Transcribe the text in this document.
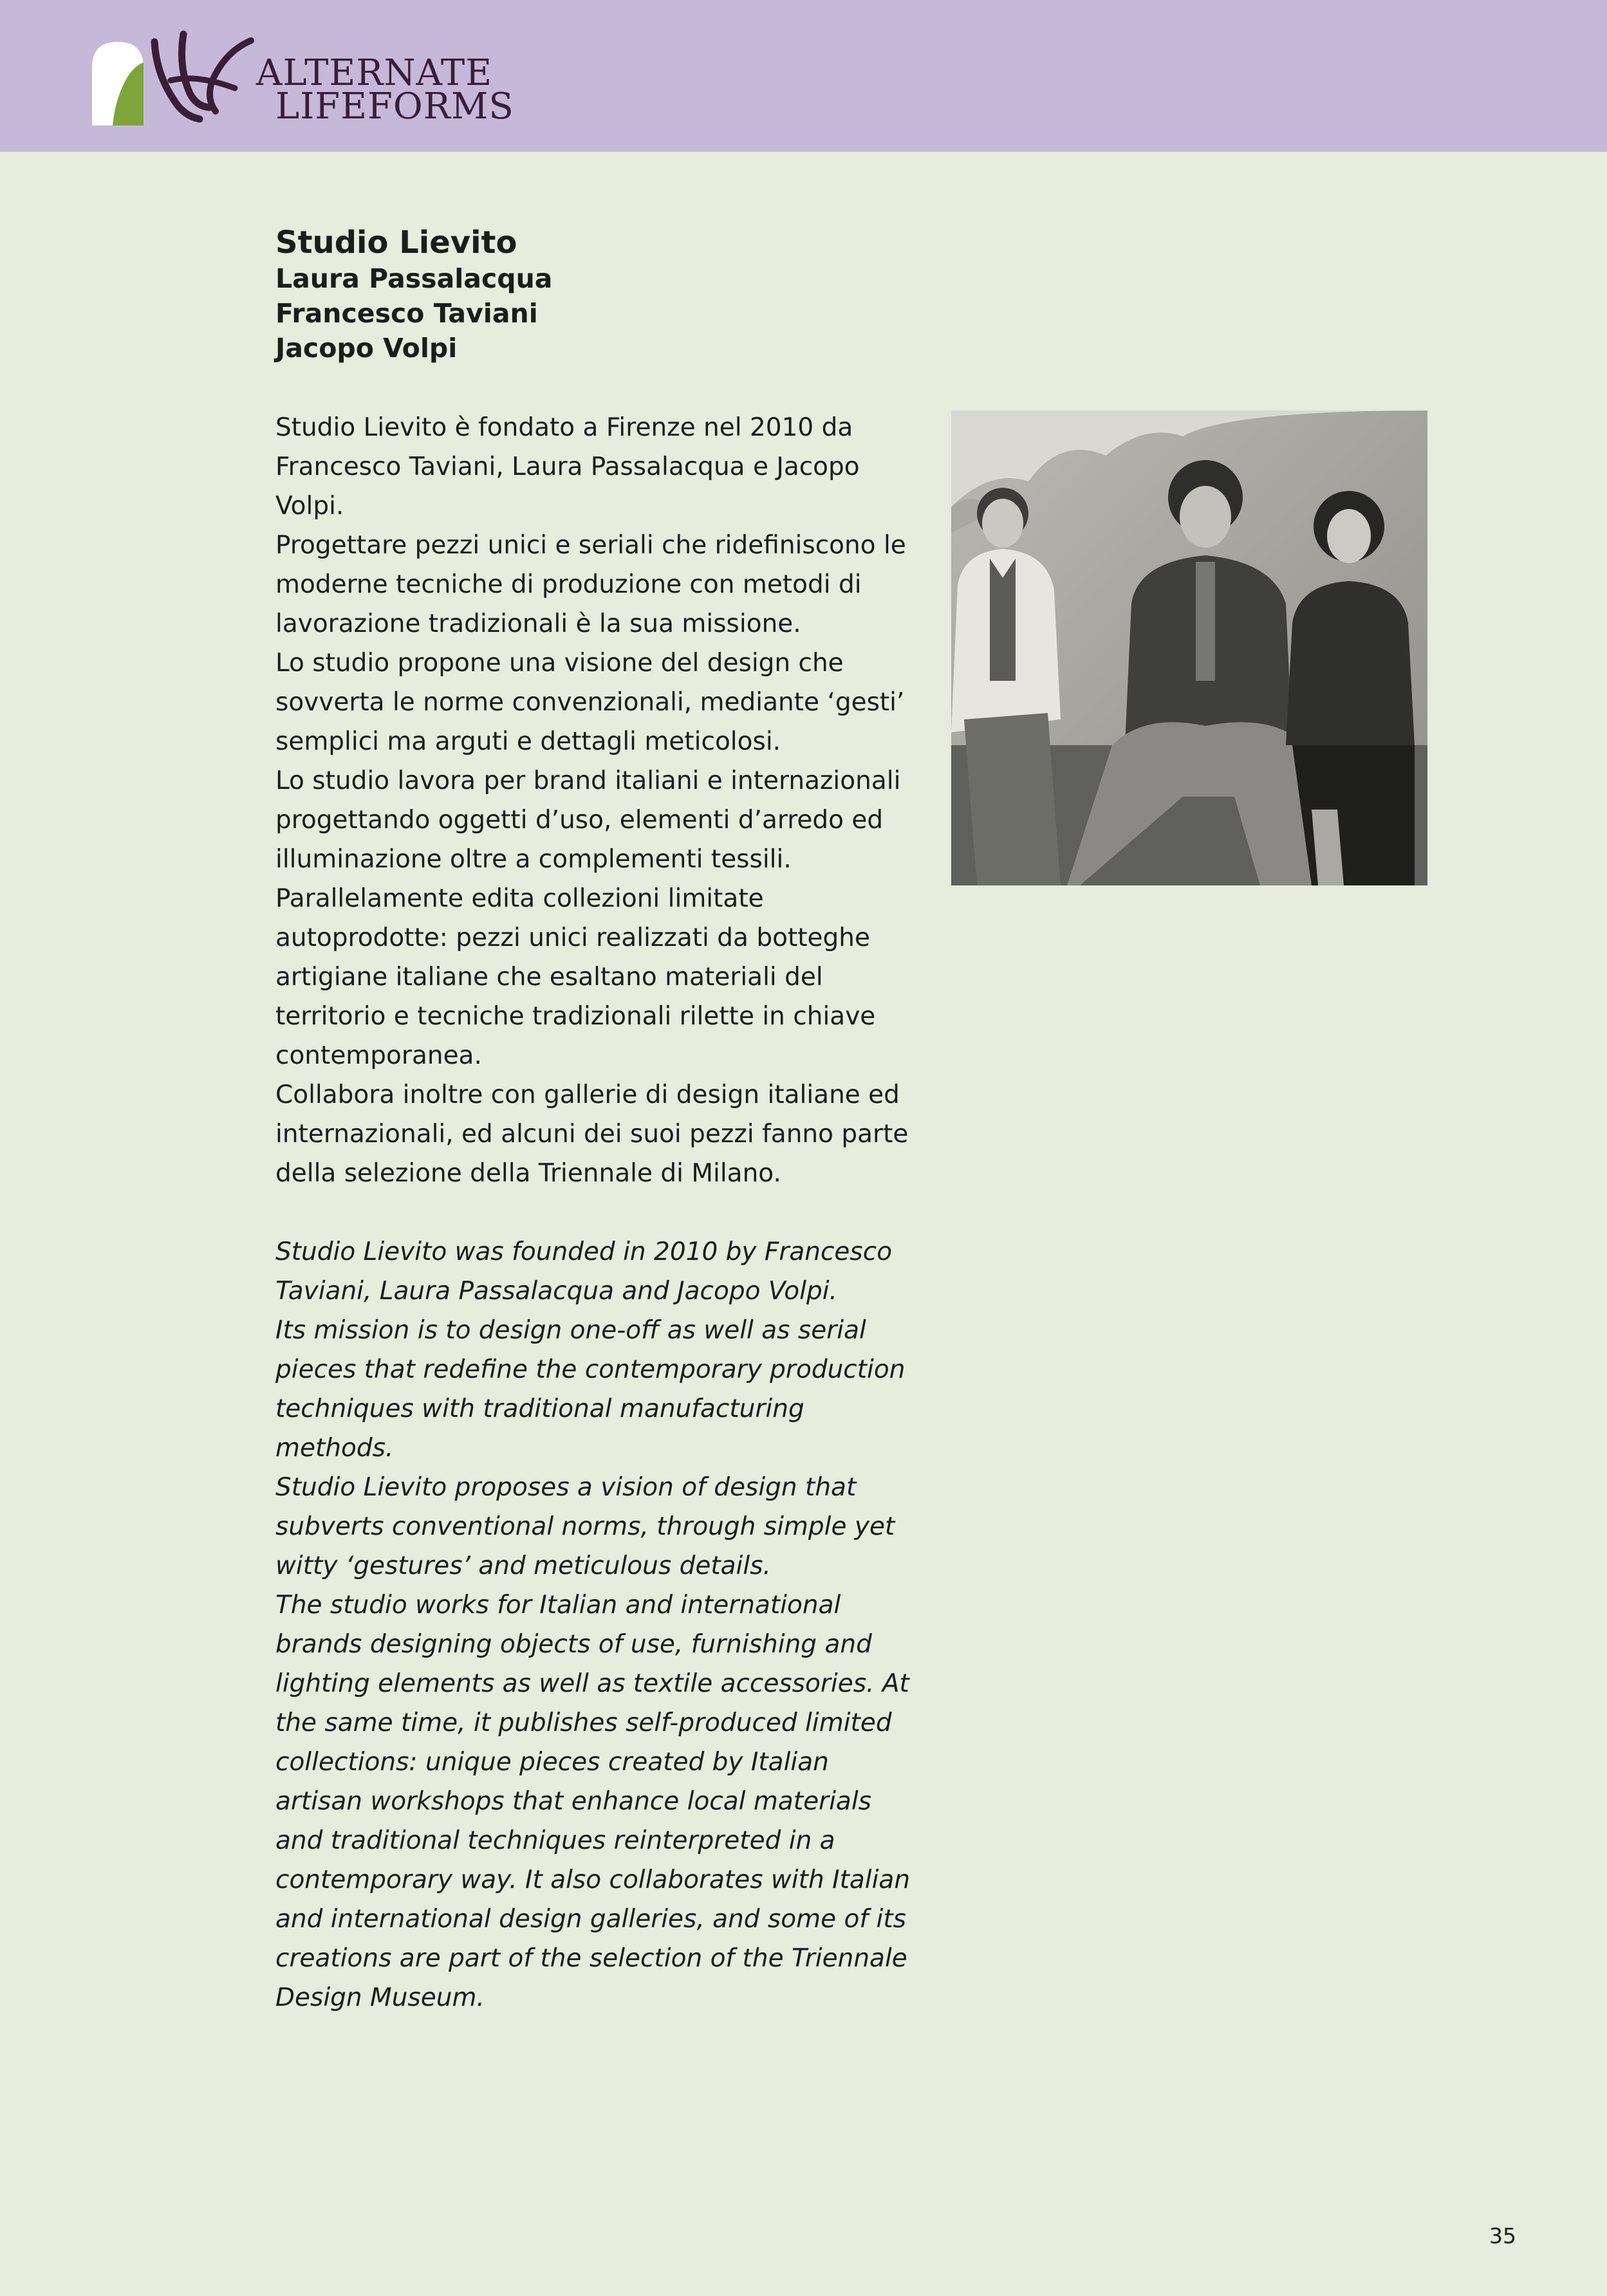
ALTERNATE
LIFEFORMS
Studio Lievito

Laura Passalacqua

Francesco Taviani

Jacopo Volpi

Studio Lievito è fondato a Firenze nel 2010 da Francesco Taviani, Laura Passalacqua e Jacopo Volpi.

Progettare pezzi unici e seriali che ridefiniscono le moderne tecniche di produzione con metodi di lavorazione tradizionali è la sua missione.

Lo studio propone una visione del design che sovverta le norme convenzionali, mediante ‘gesti’ semplici ma arguti e dettagli meticolosi.

Lo studio lavora per brand italiani e internazionali progettando oggetti d’uso, elementi d’arredo ed illuminazione oltre a complementi tessili. Parallelamente edita collezioni limitate autoprodotte: pezzi unici realizzati da botteghe artigiane italiane che esaltano materiali del territorio e tecniche tradizionali rilette in chiave contemporanea.

Collabora inoltre con gallerie di design italiane ed internazionali, ed alcuni dei suoi pezzi fanno parte della selezione della Triennale di Milano.

Studio Lievito was founded in 2010 by Francesco Taviani, Laura Passalacqua and Jacopo Volpi.

Its mission is to design one-off as well as serial pieces that redefine the contemporary production techniques with traditional manufacturing methods.

Studio Lievito proposes a vision of design that subverts conventional norms, through simple yet witty ‘gestures’ and meticulous details.

The studio works for Italian and international brands designing objects of use, furnishing and lighting elements as well as textile accessories. At the same time, it publishes self-produced limited collections: unique pieces created by Italian artisan workshops that enhance local materials and traditional techniques reinterpreted in a contemporary way. It also collaborates with Italian and international design galleries, and some of its creations are part of the selection of the Triennale Design Museum.

35
